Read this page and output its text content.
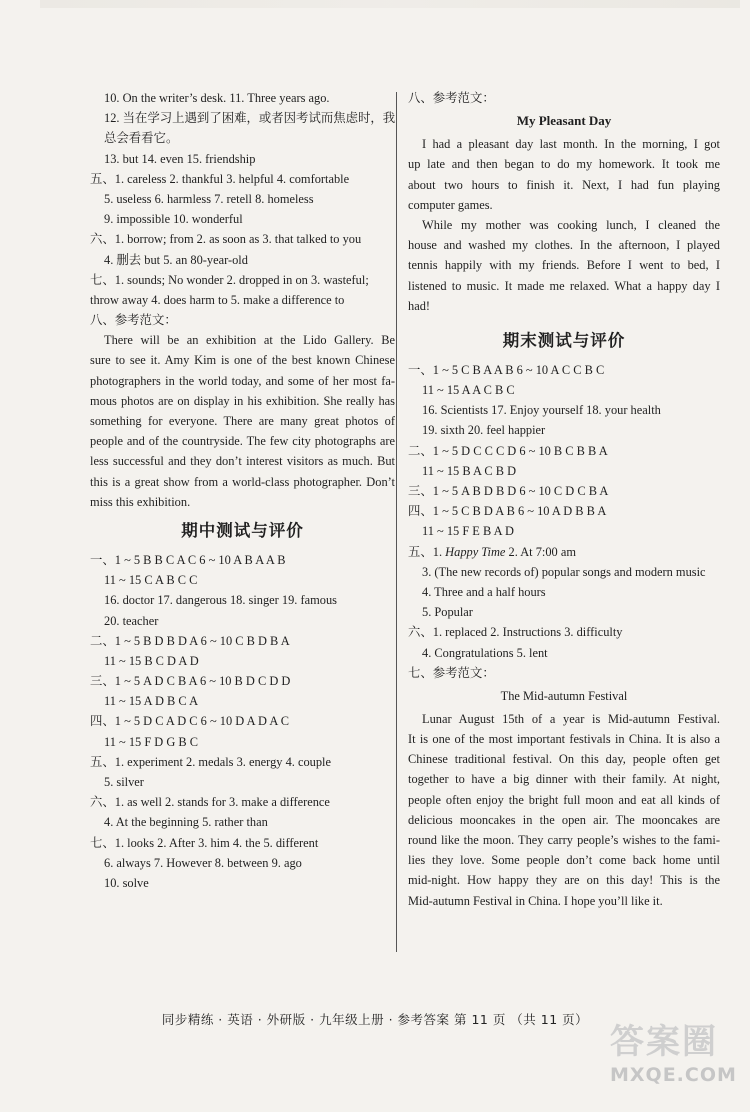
10. On the writer’s desk. 11. Three years ago.
12. 当在学习上遇到了困难，或者因考试而焦虑时，我
总会看看它。
13. but 14. even 15. friendship
五、1. careless 2. thankful 3. helpful 4. comfortable
5. useless 6. harmless 7. retell 8. homeless
9. impossible 10. wonderful
六、1. borrow; from 2. as soon as 3. that talked to you
4. 删去 but 5. an 80-year-old
七、1. sounds; No wonder 2. dropped in on 3. wasteful;
throw away 4. does harm to 5. make a difference to
八、参考范文：
There will be an exhibition at the Lido Gallery. Be
sure to see it. Amy Kim is one of the best known Chinese
photographers in the world today, and some of her most fa-
mous photos are on display in his exhibition. She really has
something for everyone. There are many great photos of
people and of the countryside. The few city photographs are
less successful and they don’t interest visitors as much. But
this is a great show from a world-class photographer. Don’t
miss this exhibition.
期中测试与评价
一、1 ~ 5 B B C A C 6 ~ 10 A B A A B
11 ~ 15 C A B C C
16. doctor 17. dangerous 18. singer 19. famous
20. teacher
二、1 ~ 5 B D B D A 6 ~ 10 C B D B A
11 ~ 15 B C D A D
三、1 ~ 5 A D C B A 6 ~ 10 B D C D D
11 ~ 15 A D B C A
四、1 ~ 5 D C A D C 6 ~ 10 D A D A C
11 ~ 15 F D G B C
五、1. experiment 2. medals 3. energy 4. couple
5. silver
六、1. as well 2. stands for 3. make a difference
4. At the beginning 5. rather than
七、1. looks 2. After 3. him 4. the 5. different
6. always 7. However 8. between 9. ago
10. solve
八、参考范文：
My Pleasant Day
I had a pleasant day last month. In the morning, I got
up late and then began to do my homework. It took me
about two hours to finish it. Next, I had fun playing
computer games.
While my mother was cooking lunch, I cleaned the
house and washed my clothes. In the afternoon, I played
tennis happily with my friends. Before I went to bed, I
listened to music. It made me relaxed. What a happy day I
had!
期末测试与评价
一、1 ~ 5 C B A A B 6 ~ 10 A C C B C
11 ~ 15 A A C B C
16. Scientists 17. Enjoy yourself 18. your health
19. sixth 20. feel happier
二、1 ~ 5 D C C C D 6 ~ 10 B C B B A
11 ~ 15 B A C B D
三、1 ~ 5 A B D B D 6 ~ 10 C D C B A
四、1 ~ 5 C B D A B 6 ~ 10 A D B B A
11 ~ 15 F E B A D
五、1. Happy Time 2. At 7:00 am
3. (The new records of) popular songs and modern music
4. Three and a half hours
5. Popular
六、1. replaced 2. Instructions 3. difficulty
4. Congratulations 5. lent
七、参考范文：
The Mid-autumn Festival
Lunar August 15th of a year is Mid-autumn Festival.
It is one of the most important festivals in China. It is also a
Chinese traditional festival. On this day, people often get
together to have a big dinner with their family. At night,
people often enjoy the bright full moon and eat all kinds of
delicious mooncakes in the open air. The mooncakes are
round like the moon. They carry people’s wishes to the fami-
lies they love. Some people don’t come back home until
mid-night. How happy they are on this day! This is the
Mid-autumn Festival in China. I hope you’ll like it.
同步精练 · 英语 · 外研版 · 九年级上册 · 参考答案 第 11 页 （共 11 页）
答案圈
MXQE.COM
